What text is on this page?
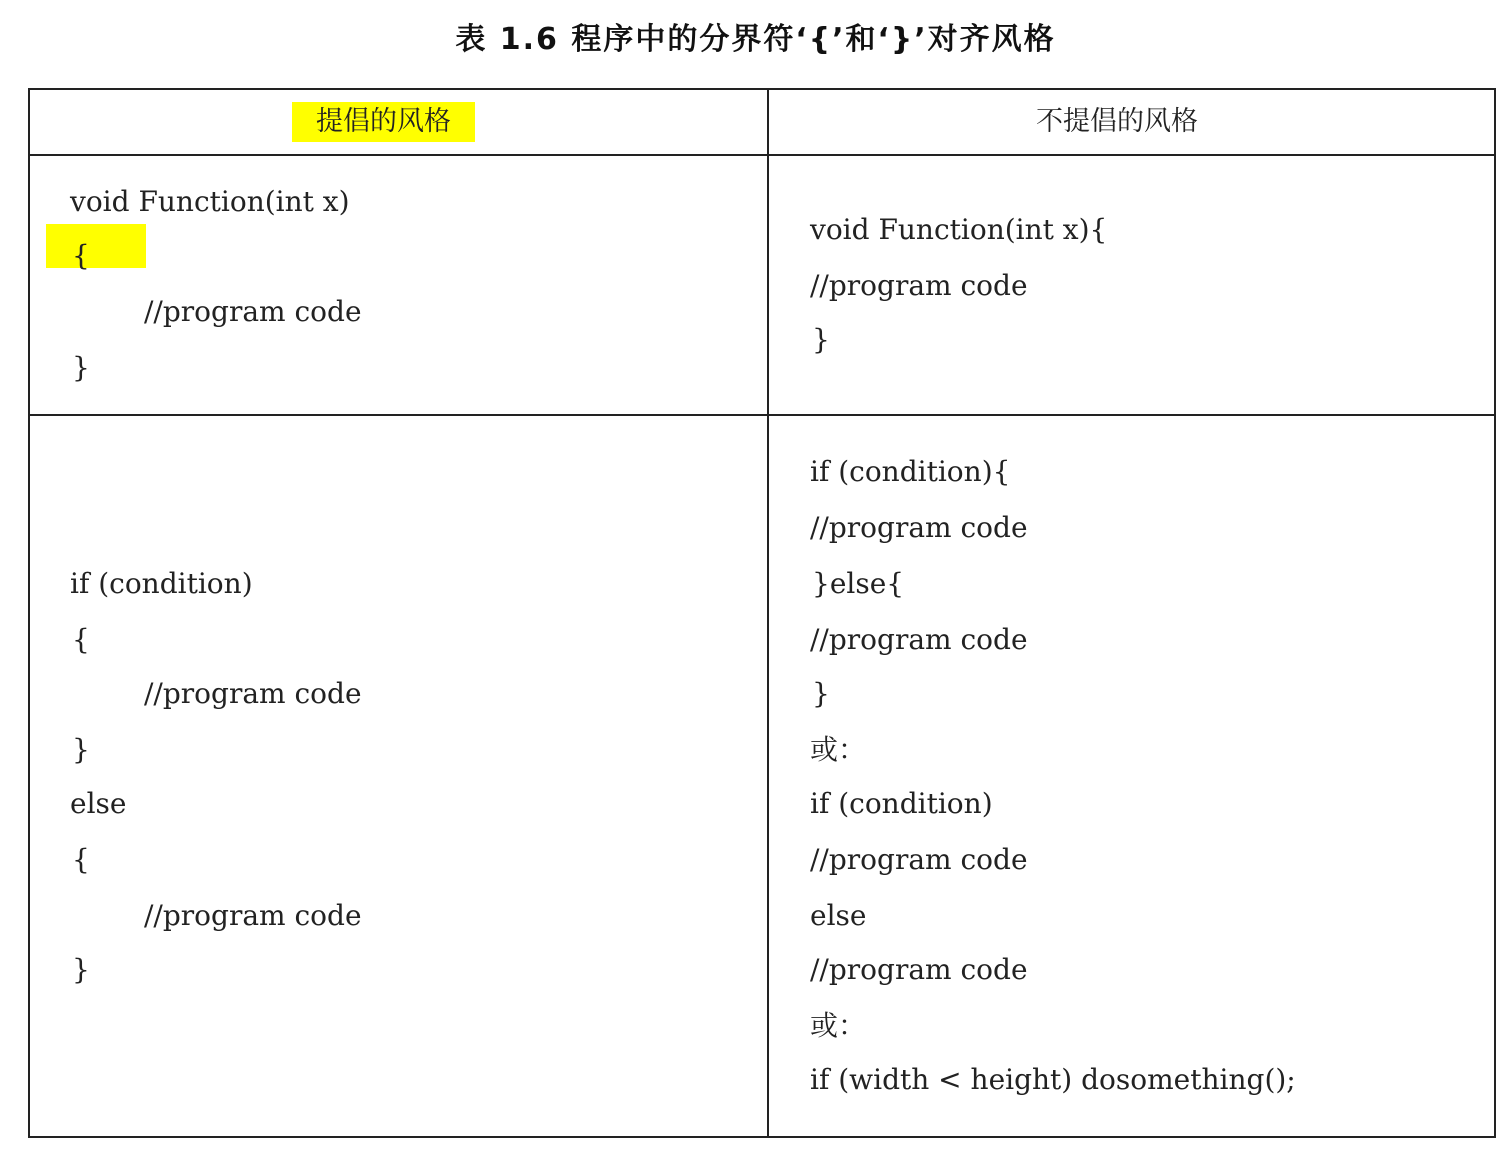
表 1.6 程序中的分界符‘{’和‘}’对齐风格
提倡的风格	不提倡的风格
void Function(int x)
{
//program code
}
void Function(int x){
//program code
}
if (condition)
{
//program code
}
else
{
//program code
}
if (condition){
//program code
}else{
//program code
}
或：
if (condition)
//program code
else
//program code
或：
if (width < height) dosomething();
